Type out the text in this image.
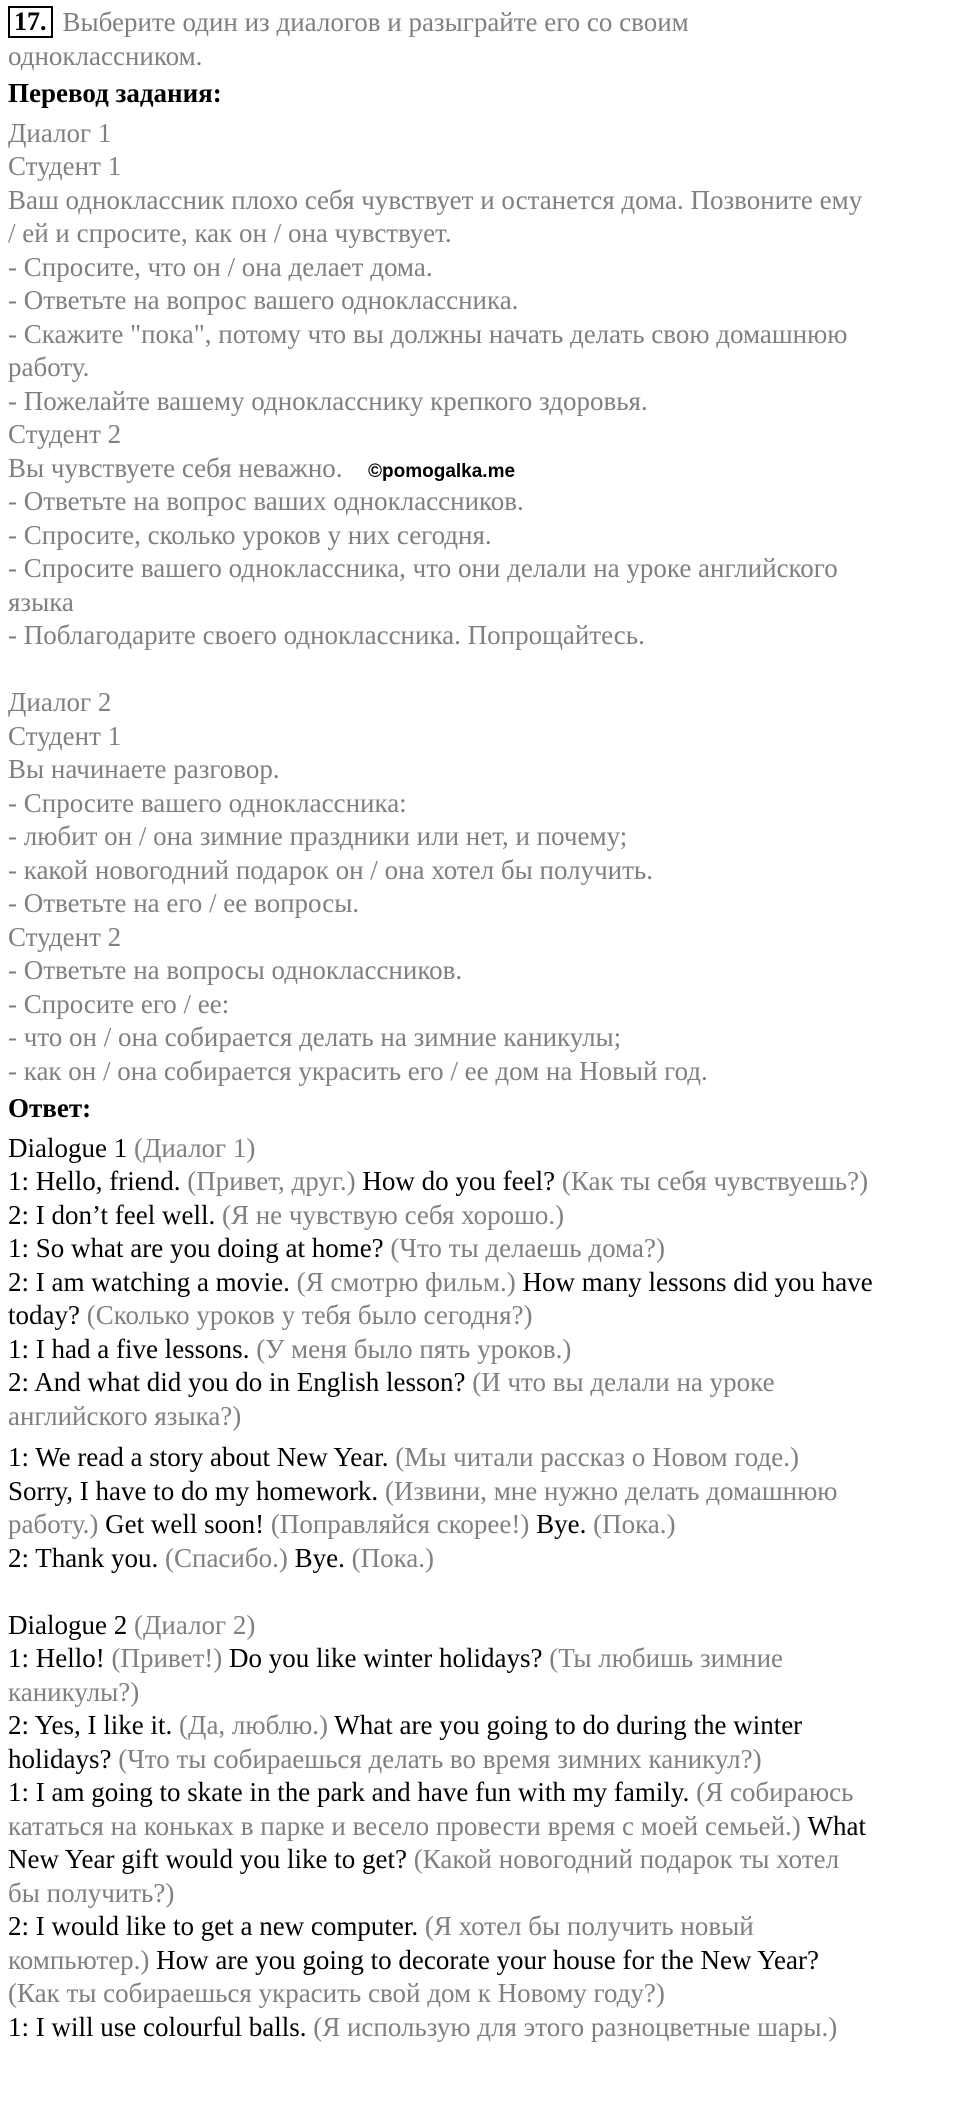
17. Выберите один из диалогов и разыграйте его со своим
одноклассником.
Перевод задания:
Диалог 1
Студент 1
Ваш одноклассник плохо себя чувствует и останется дома. Позвоните ему
/ ей и спросите, как он / она чувствует.
- Спросите, что он / она делает дома.
- Ответьте на вопрос вашего одноклассника.
- Скажите "пока", потому что вы должны начать делать свою домашнюю
работу.
- Пожелайте вашему однокласснику крепкого здоровья.
Студент 2
Вы чувствуете себя неважно.
- Ответьте на вопрос ваших одноклассников.
- Спросите, сколько уроков у них сегодня.
- Спросите вашего одноклассника, что они делали на уроке английского
языка
- Поблагодарите своего одноклассника. Попрощайтесь.
Диалог 2
Студент 1
Вы начинаете разговор.
- Спросите вашего одноклассника:
- любит он / она зимние праздники или нет, и почему;
- какой новогодний подарок он / она хотел бы получить.
- Ответьте на его / ее вопросы.
Студент 2
- Ответьте на вопросы одноклассников.
- Спросите его / ее:
- что он / она собирается делать на зимние каникулы;
- как он / она собирается украсить его / ее дом на Новый год.
Ответ:
Dialogue 1 (Диалог 1)
1: Hello, friend. (Привет, друг.) How do you feel? (Как ты себя чувствуешь?)
2: I don’t feel well. (Я не чувствую себя хорошо.)
1: So what are you doing at home? (Что ты делаешь дома?)
2: I am watching a movie. (Я смотрю фильм.) How many lessons did you have
today? (Сколько уроков у тебя было сегодня?)
1: I had a five lessons. (У меня было пять уроков.)
2: And what did you do in English lesson? (И что вы делали на уроке
английского языка?)
1: We read a story about New Year. (Мы читали рассказ о Новом годе.)
Sorry, I have to do my homework. (Извини, мне нужно делать домашнюю
работу.) Get well soon! (Поправляйся скорее!) Bye. (Пока.)
2: Thank you. (Спасибо.) Bye. (Пока.)
Dialogue 2 (Диалог 2)
1: Hello! (Привет!) Do you like winter holidays? (Ты любишь зимние
каникулы?)
2: Yes, I like it. (Да, люблю.) What are you going to do during the winter
holidays? (Что ты собираешься делать во время зимних каникул?)
1: I am going to skate in the park and have fun with my family. (Я собираюсь
кататься на коньках в парке и весело провести время с моей семьей.) What
New Year gift would you like to get? (Какой новогодний подарок ты хотел
бы получить?)
2: I would like to get a new computer. (Я хотел бы получить новый
компьютер.) How are you going to decorate your house for the New Year?
(Как ты собираешься украсить свой дом к Новому году?)
1: I will use colourful balls. (Я использую для этого разноцветные шары.)
©pomogalka.me
